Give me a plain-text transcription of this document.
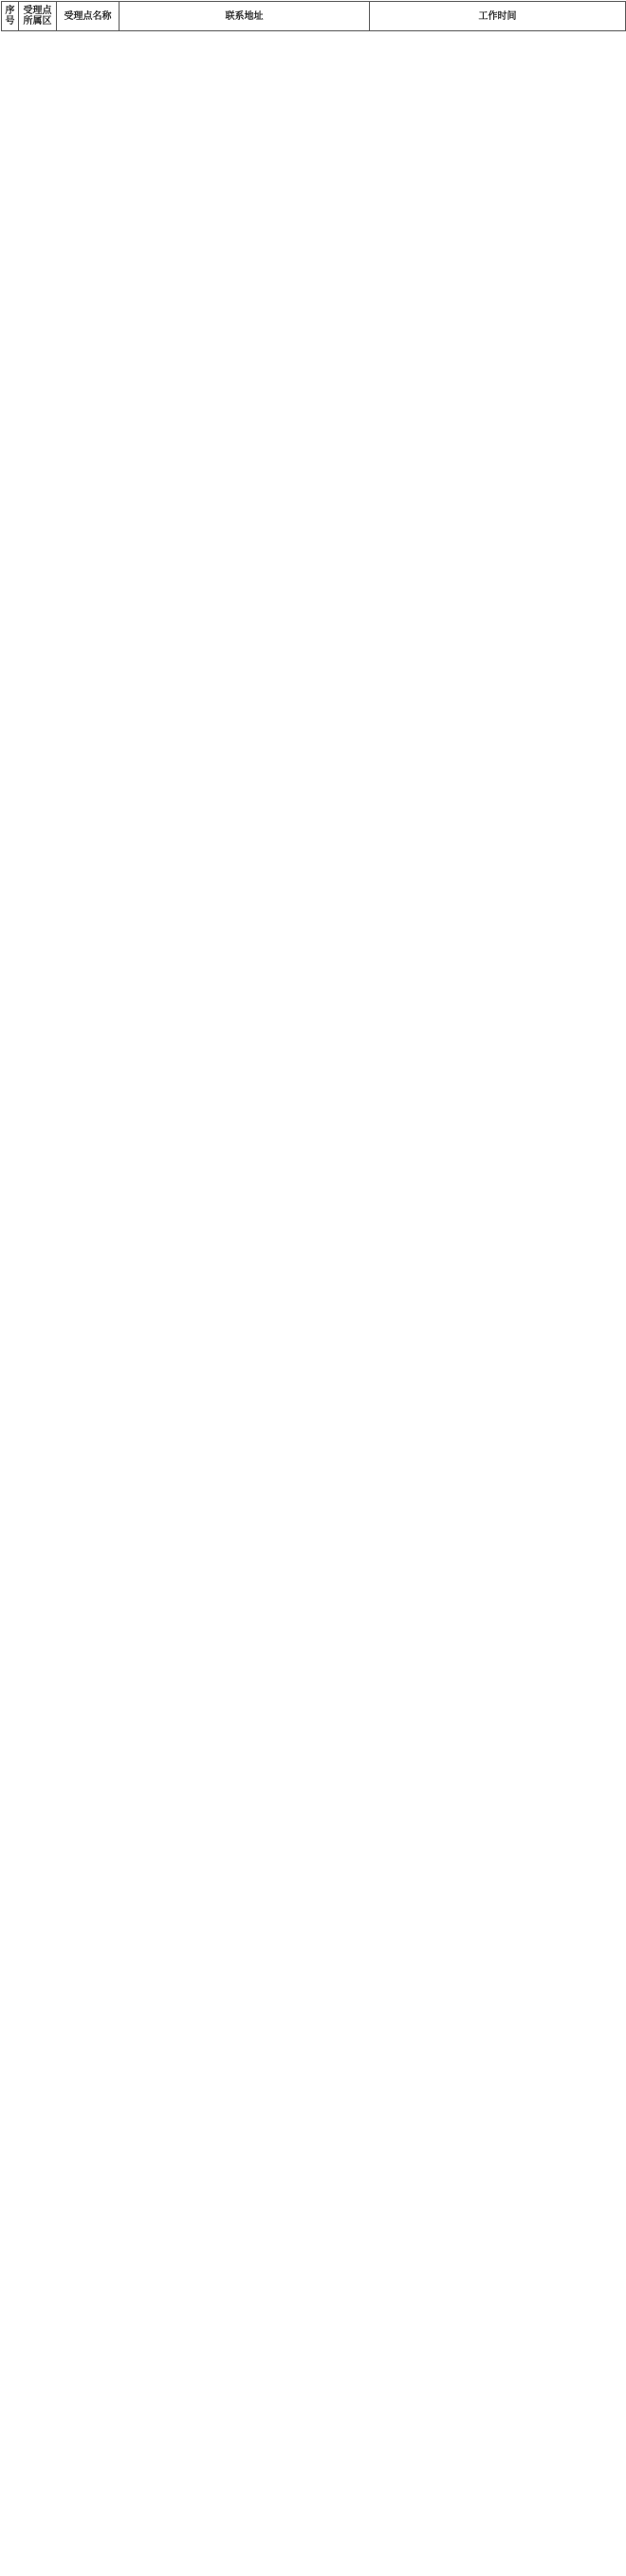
序号	受理点所属区	受理点名称	联系地址	工作时间
